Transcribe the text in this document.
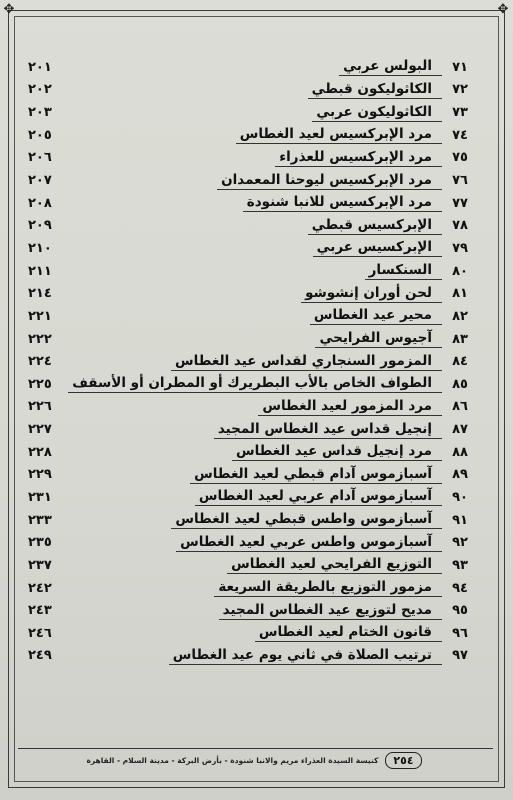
✥	✥
٧١
البولس عربي
٢٠١
٧٢
الكاثوليكون قبطي
٢٠٢
٧٣
الكاثوليكون عربي
٢٠٣
٧٤
مرد الإبركسيس لعيد الغطاس
٢٠٥
٧٥
مرد الإبركسيس للعذراء
٢٠٦
٧٦
مرد الإبركسيس ليوحنا المعمدان
٢٠٧
٧٧
مرد الإبركسيس للانبا شنودة
٢٠٨
٧٨
الإبركسيس قبطي
٢٠٩
٧٩
الإبركسيس عربي
٢١٠
٨٠
السنكسار
٢١١
٨١
لحن أوران إنشوشو
٢١٤
٨٢
محير عيد الغطاس
٢٢١
٨٣
آجيوس الفرايحي
٢٢٢
٨٤
المزمور السنجاري لقداس عيد الغطاس
٢٢٤
٨٥
الطواف الخاص بالأب البطريرك أو المطران أو الأسقف
٢٢٥
٨٦
مرد المزمور لعيد الغطاس
٢٢٦
٨٧
إنجيل قداس عيد الغطاس المجيد
٢٢٧
٨٨
مرد إنجيل قداس عيد الغطاس
٢٢٨
٨٩
آسبازموس آدام قبطي لعيد الغطاس
٢٢٩
٩٠
آسبازموس آدام عربي لعيد الغطاس
٢٣١
٩١
آسبازموس واطس قبطي لعيد الغطاس
٢٣٣
٩٢
آسبازموس واطس عربي لعيد الغطاس
٢٣٥
٩٣
التوزيع الفرايحي لعيد الغطاس
٢٣٧
٩٤
مزمور التوزيع بالطريقة السريعة
٢٤٢
٩٥
مديح لتوزيع عيد الغطاس المجيد
٢٤٣
٩٦
قانون الختام لعيد الغطاس
٢٤٦
٩٧
ترتيب الصلاة في ثاني يوم عيد الغطاس
٢٤٩
٢٥٤
كنيسة السيدة العذراء مريم والانبا شنودة - بأرض البركة - مدينة السلام - القاهرة
